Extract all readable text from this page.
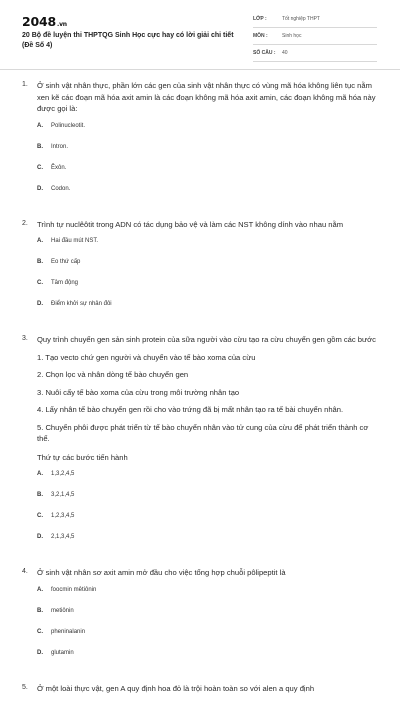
2048.vn
20 Bộ đề luyện thi THPTQG Sinh Học cực hay có lời giải chi tiết (Đề Số 4)
LỚP :	Tốt nghiệp THPT
MÔN :	Sinh học
SỐ CÂU : 40
1. Ở sinh vật nhân thực, phần lớn các gen của sinh vật nhân thực có vùng mã hóa không liên tục nằm xen kẽ các đoạn mã hóa axit amin là các đoạn không mã hóa axit amin, các đoạn không mã hóa này được gọi là:

A.	Polinucleotit.
B.	Intron.
C.	Êxôn.
D.	Codon.
2. Trình tự nuclêôtit trong ADN có tác dụng bảo vệ và làm các NST không dính vào nhau nằm

A.	Hai đầu mút NST.
B.	Eo thứ cấp
C.	Tâm động
D.	Điểm khởi sự nhân đôi
3. Quy trình chuyển gen sản sinh protein của sữa người vào cừu tạo ra cừu chuyển gen gồm các bước

1. Tạo vecto chứ gen người và chuyển vào tế bào xoma của cừu

2. Chọn lọc và nhân dòng tế bào chuyển gen

3. Nuôi cấy tế bào xoma của cừu trong môi trường nhân tạo

4. Lấy nhân tế bào chuyển gen rồi cho vào trứng đã bị mất nhân tạo ra tế bài chuyển nhân.

5. Chuyển phôi được phát triển từ tế bào chuyển nhân vào tử cung của cừu để phát triển thành cơ thể.

Thứ tự các bước tiến hành

A.	1,3,2,4,5
B.	3,2,1,4,5
C.	1,2,3,4,5
D.	2,1,3,4,5
4. Ở sinh vật nhân sơ axit amin mở đầu cho việc tổng hợp chuỗi pôlipeptit là

A.	foocmin mêtiônin
B.	metiônin
C.	pheninalanin
D.	glutamin
5. Ở một loài thực vật, gen A quy định hoa đỏ là trội hoàn toàn so với alen a quy định
